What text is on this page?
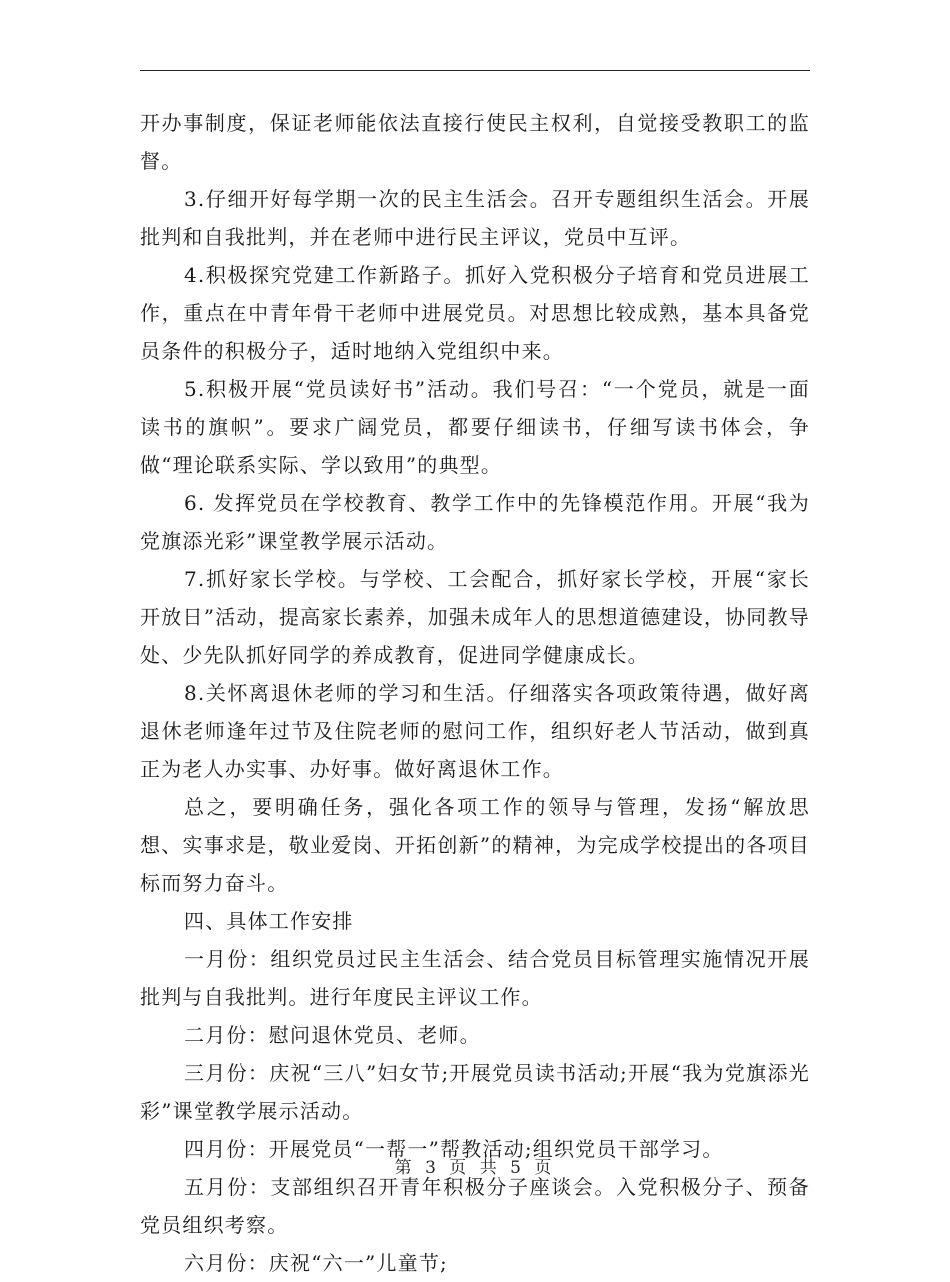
开办事制度，保证老师能依法直接行使民主权利，自觉接受教职工的监督。

3.仔细开好每学期一次的民主生活会。召开专题组织生活会。开展批判和自我批判，并在老师中进行民主评议，党员中互评。

4.积极探究党建工作新路子。抓好入党积极分子培育和党员进展工作，重点在中青年骨干老师中进展党员。对思想比较成熟，基本具备党员条件的积极分子，适时地纳入党组织中来。

5.积极开展“党员读好书”活动。我们号召：“一个党员，就是一面读书的旗帜”。要求广阔党员，都要仔细读书，仔细写读书体会，争做“理论联系实际、学以致用”的典型。

6. 发挥党员在学校教育、教学工作中的先锋模范作用。开展“我为党旗添光彩”课堂教学展示活动。

7.抓好家长学校。与学校、工会配合，抓好家长学校，开展“家长开放日”活动，提高家长素养，加强未成年人的思想道德建设，协同教导处、少先队抓好同学的养成教育，促进同学健康成长。

8.关怀离退休老师的学习和生活。仔细落实各项政策待遇，做好离退休老师逢年过节及住院老师的慰问工作，组织好老人节活动，做到真正为老人办实事、办好事。做好离退休工作。

总之，要明确任务，强化各项工作的领导与管理，发扬“解放思想、实事求是，敬业爱岗、开拓创新”的精神，为完成学校提出的各项目标而努力奋斗。

四、具体工作安排

一月份：组织党员过民主生活会、结合党员目标管理实施情况开展批判与自我批判。进行年度民主评议工作。

二月份：慰问退休党员、老师。

三月份：庆祝“三八”妇女节;开展党员读书活动;开展“我为党旗添光彩”课堂教学展示活动。

四月份：开展党员“一帮一”帮教活动;组织党员干部学习。

五月份：支部组织召开青年积极分子座谈会。入党积极分子、预备党员组织考察。

六月份：庆祝“六一”儿童节;

第 3 页 共 5 页
